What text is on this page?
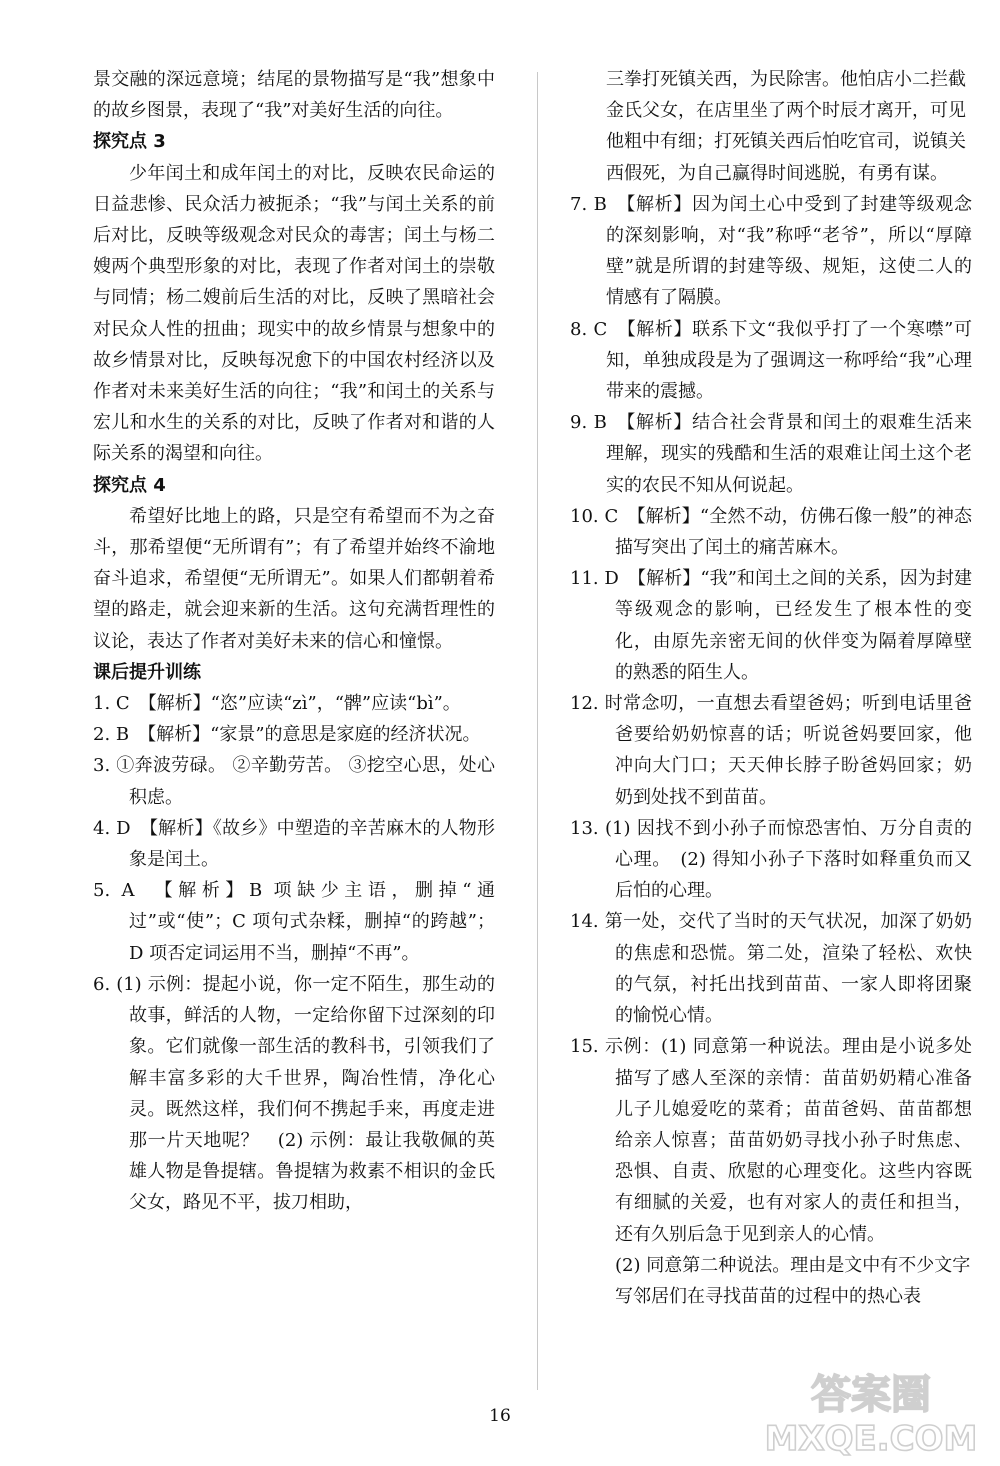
景交融的深远意境；结尾的景物描写是“我”想象中的故乡图景，表现了“我”对美好生活的向往。

探究点 3

少年闰土和成年闰土的对比，反映农民命运的日益悲惨、民众活力被扼杀；“我”与闰土关系的前后对比，反映等级观念对民众的毒害；闰土与杨二嫂两个典型形象的对比，表现了作者对闰土的崇敬与同情；杨二嫂前后生活的对比，反映了黑暗社会对民众人性的扭曲；现实中的故乡情景与想象中的故乡情景对比，反映每况愈下的中国农村经济以及作者对未来美好生活的向往；“我”和闰土的关系与宏儿和水生的关系的对比，反映了作者对和谐的人际关系的渴望和向往。

探究点 4

希望好比地上的路，只是空有希望而不为之奋斗，那希望便“无所谓有”；有了希望并始终不渝地奋斗追求，希望便“无所谓无”。如果人们都朝着希望的路走，就会迎来新的生活。这句充满哲理性的议论，表达了作者对美好未来的信心和憧憬。

课后提升训练

1. C　【解析】“恣”应读“zì”，“髀”应读“bì”。

2. B　【解析】“家景”的意思是家庭的经济状况。

3. ①奔波劳碌。 ②辛勤劳苦。 ③挖空心思，处心积虑。

4. D　【解析】《故乡》中塑造的辛苦麻木的人物形象是闰土。

5. A　【解析】B 项缺少主语，删掉“通过”或“使”；C 项句式杂糅，删掉“的跨越”；D 项否定词运用不当，删掉“不再”。

6. (1) 示例：提起小说，你一定不陌生，那生动的故事，鲜活的人物，一定给你留下过深刻的印象。它们就像一部生活的教科书，引领我们了解丰富多彩的大千世界，陶冶性情，净化心灵。既然这样，我们何不携起手来，再度走进那一片天地呢？　(2) 示例：最让我敬佩的英雄人物是鲁提辖。鲁提辖为救素不相识的金氏父女，路见不平，拔刀相助，

三拳打死镇关西，为民除害。他怕店小二拦截金氏父女，在店里坐了两个时辰才离开，可见他粗中有细；打死镇关西后怕吃官司，说镇关西假死，为自己赢得时间逃脱，有勇有谋。

7. B　【解析】因为闰土心中受到了封建等级观念的深刻影响，对“我”称呼“老爷”，所以“厚障壁”就是所谓的封建等级、规矩，这使二人的情感有了隔膜。

8. C　【解析】联系下文“我似乎打了一个寒噤”可知，单独成段是为了强调这一称呼给“我”心理带来的震撼。

9. B　【解析】结合社会背景和闰土的艰难生活来理解，现实的残酷和生活的艰难让闰土这个老实的农民不知从何说起。

10. C　【解析】“全然不动，仿佛石像一般”的神态描写突出了闰土的痛苦麻木。

11. D　【解析】“我”和闰土之间的关系，因为封建等级观念的影响，已经发生了根本性的变化，由原先亲密无间的伙伴变为隔着厚障壁的熟悉的陌生人。

12. 时常念叨，一直想去看望爸妈；听到电话里爸爸要给奶奶惊喜的话；听说爸妈要回家，他冲向大门口；天天伸长脖子盼爸妈回家；奶奶到处找不到苗苗。

13. (1) 因找不到小孙子而惊恐害怕、万分自责的心理。　(2) 得知小孙子下落时如释重负而又后怕的心理。

14. 第一处，交代了当时的天气状况，加深了奶奶的焦虑和恐慌。第二处，渲染了轻松、欢快的气氛，衬托出找到苗苗、一家人即将团聚的愉悦心情。

15. 示例：(1) 同意第一种说法。理由是小说多处描写了感人至深的亲情：苗苗奶奶精心准备儿子儿媳爱吃的菜肴；苗苗爸妈、苗苗都想给亲人惊喜；苗苗奶奶寻找小孙子时焦虑、恐惧、自责、欣慰的心理变化。这些内容既有细腻的关爱，也有对家人的责任和担当，还有久别后急于见到亲人的心情。

(2) 同意第二种说法。理由是文中有不少文字写邻居们在寻找苗苗的过程中的热心表

16	答案圈
MXQE.COM
